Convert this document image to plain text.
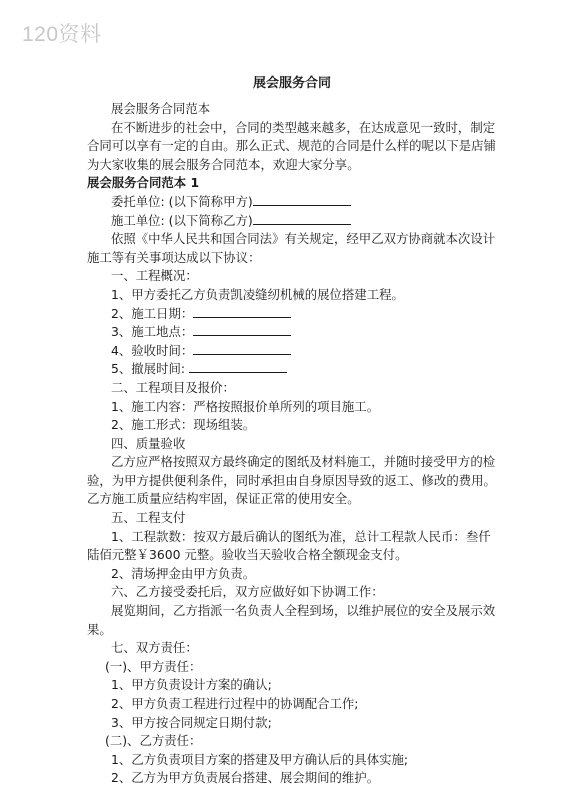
120资料
展会服务合同

展会服务合同范本

在不断进步的社会中，合同的类型越来越多，在达成意见一致时，制定合同可以享有一定的自由。那么正式、规范的合同是什么样的呢以下是店铺为大家收集的展会服务合同范本，欢迎大家分享。

展会服务合同范本 1

委托单位: (以下简称甲方)

施工单位: (以下简称乙方)

依照《中华人民共和国合同法》有关规定，经甲乙双方协商就本次设计施工等有关事项达成以下协议：

一、工程概况：

1、甲方委托乙方负责凯凌缝纫机械的展位搭建工程。

2、施工日期：

3、施工地点：

4、验收时间：

5、撤展时间:

二、工程项目及报价：

1、施工内容：严格按照报价单所列的项目施工。

2、施工形式：现场组装。

四、质量验收

乙方应严格按照双方最终确定的图纸及材料施工，并随时接受甲方的检验，为甲方提供便利条件，同时承担由自身原因导致的返工、修改的费用。乙方施工质量应结构牢固，保证正常的使用安全。

五、工程支付

1、工程款数：按双方最后确认的图纸为准，总计工程款人民币：叁仟陆佰元整￥3600 元整。验收当天验收合格全额现金支付。

2、清场押金由甲方负责。

六、乙方接受委托后，双方应做好如下协调工作：

展览期间，乙方指派一名负责人全程到场，以维护展位的安全及展示效果。

七、双方责任：

(一)、甲方责任：

1、甲方负责设计方案的确认;

2、甲方负责工程进行过程中的协调配合工作;

3、甲方按合同规定日期付款;

(二)、乙方责任：

1、乙方负责项目方案的搭建及甲方确认后的具体实施;

2、乙方为甲方负责展台搭建、展会期间的维护。
